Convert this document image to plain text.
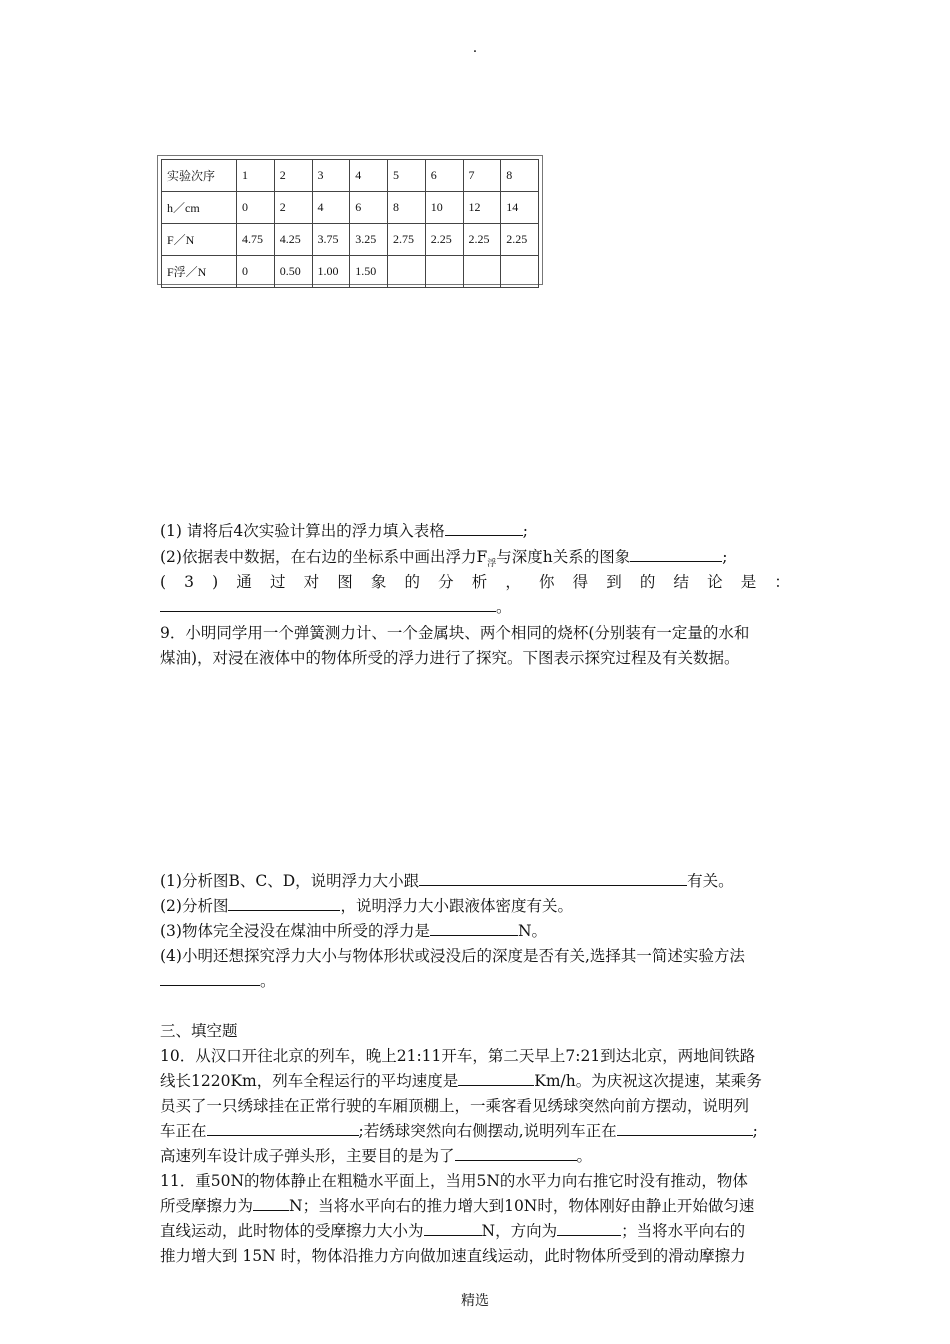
.
实验次序	1	2	3	4	5	6	7	8
h／cm	0	2	4	6	8	10	12	14
F／N	4.75	4.25	3.75	3.25	2.75	2.25	2.25	2.25
F浮／N	0	0.50	1.00	1.50				
(1) 请将后4次实验计算出的浮力填入表格	;
(2)依据表中数据，在右边的坐标系中画出浮力$F_浮$与深度h关系的图象	;
( 3 ) 通 过 对 图 象 的 分 析 ， 你 得 到 的 结 论 是 ：
。
9．小明同学用一个弹簧测力计、一个金属块、两个相同的烧杯(分别装有一定量的水和
煤油)，对浸在液体中的物体所受的浮力进行了探究。下图表示探究过程及有关数据。
(1)分析图B、C、D，说明浮力大小跟	有关。
(2)分析图	，说明浮力大小跟液体密度有关。
(3)物体完全浸没在煤油中所受的浮力是	N。
(4)小明还想探究浮力大小与物体形状或浸没后的深度是否有关,选择其一简述实验方法
。
三、填空题
10．从汉口开往北京的列车，晚上21:11开车，第二天早上7:21到达北京，两地间铁路
线长1220Km，列车全程运行的平均速度是	Km/h。为庆祝这次提速，某乘务
员买了一只绣球挂在正常行驶的车厢顶棚上，一乘客看见绣球突然向前方摆动，说明列
车正在	;若绣球突然向右侧摆动,说明列车正在	;
高速列车设计成子弹头形，主要目的是为了	。
11．重50N的物体静止在粗糙水平面上，当用5N的水平力向右推它时没有推动，物体
所受摩擦力为 N；当将水平向右的推力增大到10N时，物体刚好由静止开始做匀速
直线运动，此时物体的受摩擦力大小为	N，方向为	；当将水平向右的
推力增大到 15N 时，物体沿推力方向做加速直线运动，此时物体所受到的滑动摩擦力
精选
